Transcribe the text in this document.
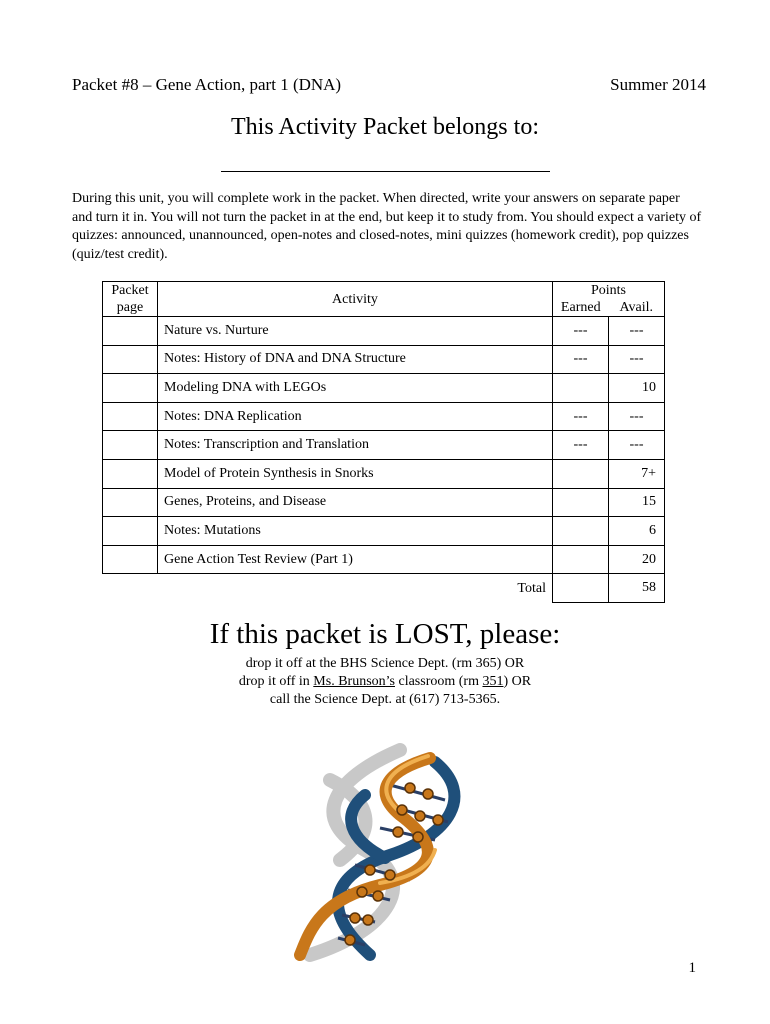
Packet #8 – Gene Action, part 1 (DNA)	Summer 2014
This Activity Packet belongs to:
During this unit, you will complete work in the packet. When directed, write your answers on separate paper and turn it in. You will not turn the packet in at the end, but keep it to study from. You should expect a variety of quizzes: announced, unannounced, open-notes and closed-notes, mini quizzes (homework credit), pop quizzes (quiz/test credit).
Packet
page	Activity	Points	
		Earned	Avail.
	Nature vs. Nurture	---	---
	Notes: History of DNA and DNA Structure	---	---
	Modeling DNA with LEGOs		10
	Notes: DNA Replication	---	---
	Notes: Transcription and Translation	---	---
	Model of Protein Synthesis in Snorks		7+
	Genes, Proteins, and Disease		15
	Notes: Mutations		6
	Gene Action Test Review (Part 1)		20
	Total		58
If this packet is LOST, please:
drop it off at the BHS Science Dept. (rm 365) OR
drop it off in Ms. Brunson’s classroom (rm 351) OR
call the Science Dept. at (617) 713-5365.
1
